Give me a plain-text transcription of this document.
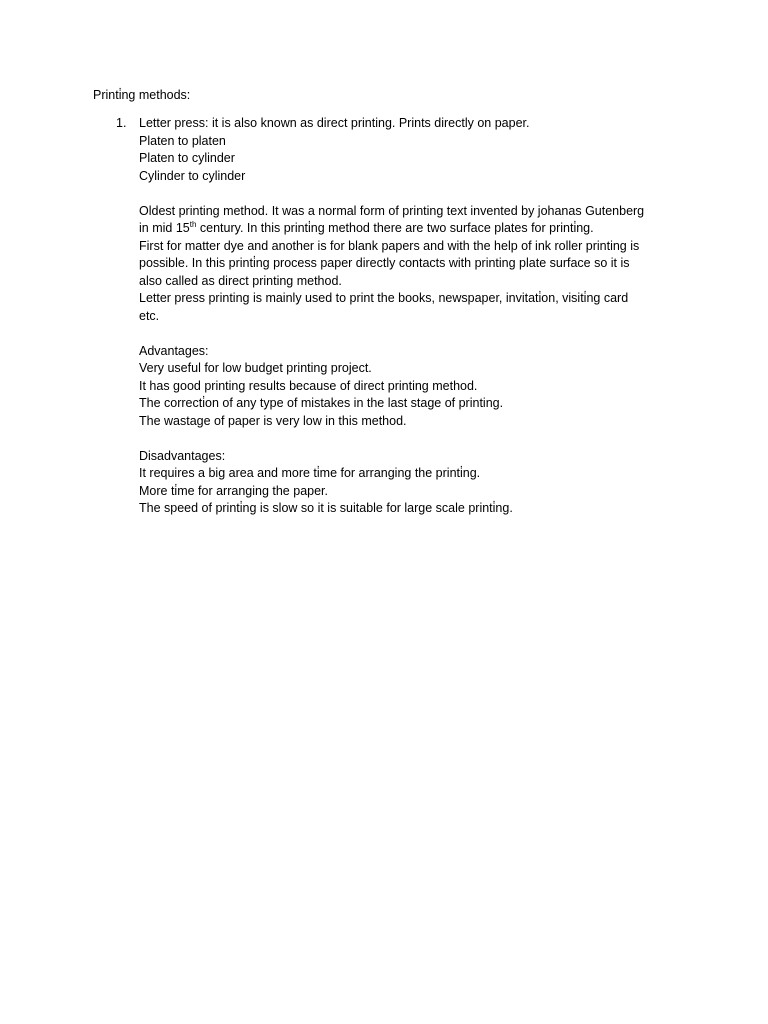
Printi̇ng methods:
1. Letter press: it is also known as direct printing. Prints directly on paper.
Platen to platen
Platen to cylinder
Cylinder to cylinder
Oldest printing method. It was a normal form of printing text invented by johanas Gutenberg
in mid 15th century. In this printi̇ng method there are two surface plates for printi̇ng.
First for matter dye and another is for blank papers and with the help of ink roller printing is
possible. In this printi̇ng process paper directly contacts with printing plate surface so it is
also called as direct printing method.
Letter press printing is mainly used to print the books, newspaper, invitati̇on, visiti̇ng card
etc.
Advantages:
Very useful for low budget printing project.
It has good printing results because of direct printing method.
The correcti̇on of any type of mistakes in the last stage of printing.
The wastage of paper is very low in this method.
Disadvantages:
It requires a big area and more ti̇me for arranging the printi̇ng.
More ti̇me for arranging the paper.
The speed of printi̇ng is slow so it is suitable for large scale printi̇ng.
